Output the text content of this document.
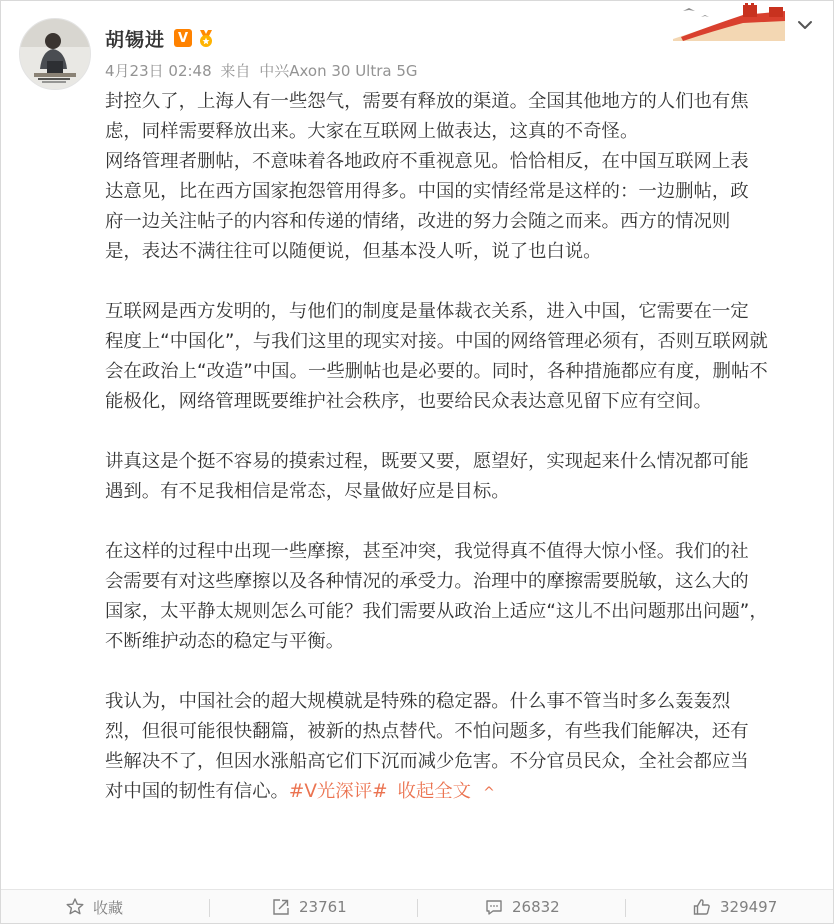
胡锡进 V
4月23日 02:48 来自 中兴Axon 30 Ultra 5G

封控久了，上海人有一些怨气，需要有释放的渠道。全国其他地方的人们也有焦

虑，同样需要释放出来。大家在互联网上做表达，这真的不奇怪。

网络管理者删帖，不意味着各地政府不重视意见。恰恰相反，在中国互联网上表

达意见，比在西方国家抱怨管用得多。中国的实情经常是这样的：一边删帖，政

府一边关注帖子的内容和传递的情绪，改进的努力会随之而来。西方的情况则

是，表达不满往往可以随便说，但基本没人听，说了也白说。

互联网是西方发明的，与他们的制度是量体裁衣关系，进入中国，它需要在一定

程度上“中国化”，与我们这里的现实对接。中国的网络管理必须有，否则互联网就

会在政治上“改造”中国。一些删帖也是必要的。同时，各种措施都应有度，删帖不

能极化，网络管理既要维护社会秩序，也要给民众表达意见留下应有空间。

讲真这是个挺不容易的摸索过程，既要又要，愿望好，实现起来什么情况都可能

遇到。有不足我相信是常态，尽量做好应是目标。

在这样的过程中出现一些摩擦，甚至冲突，我觉得真不值得大惊小怪。我们的社

会需要有对这些摩擦以及各种情况的承受力。治理中的摩擦需要脱敏，这么大的

国家，太平静太规则怎么可能？我们需要从政治上适应“这儿不出问题那出问题”，

不断维护动态的稳定与平衡。

我认为，中国社会的超大规模就是特殊的稳定器。什么事不管当时多么轰轰烈

烈，但很可能很快翻篇，被新的热点替代。不怕问题多，有些我们能解决，还有

些解决不了，但因水涨船高它们下沉而减少危害。不分官员民众，全社会都应当

对中国的韧性有信心。#V光深评# 收起全文 ^

收藏	23761	26832	329497
